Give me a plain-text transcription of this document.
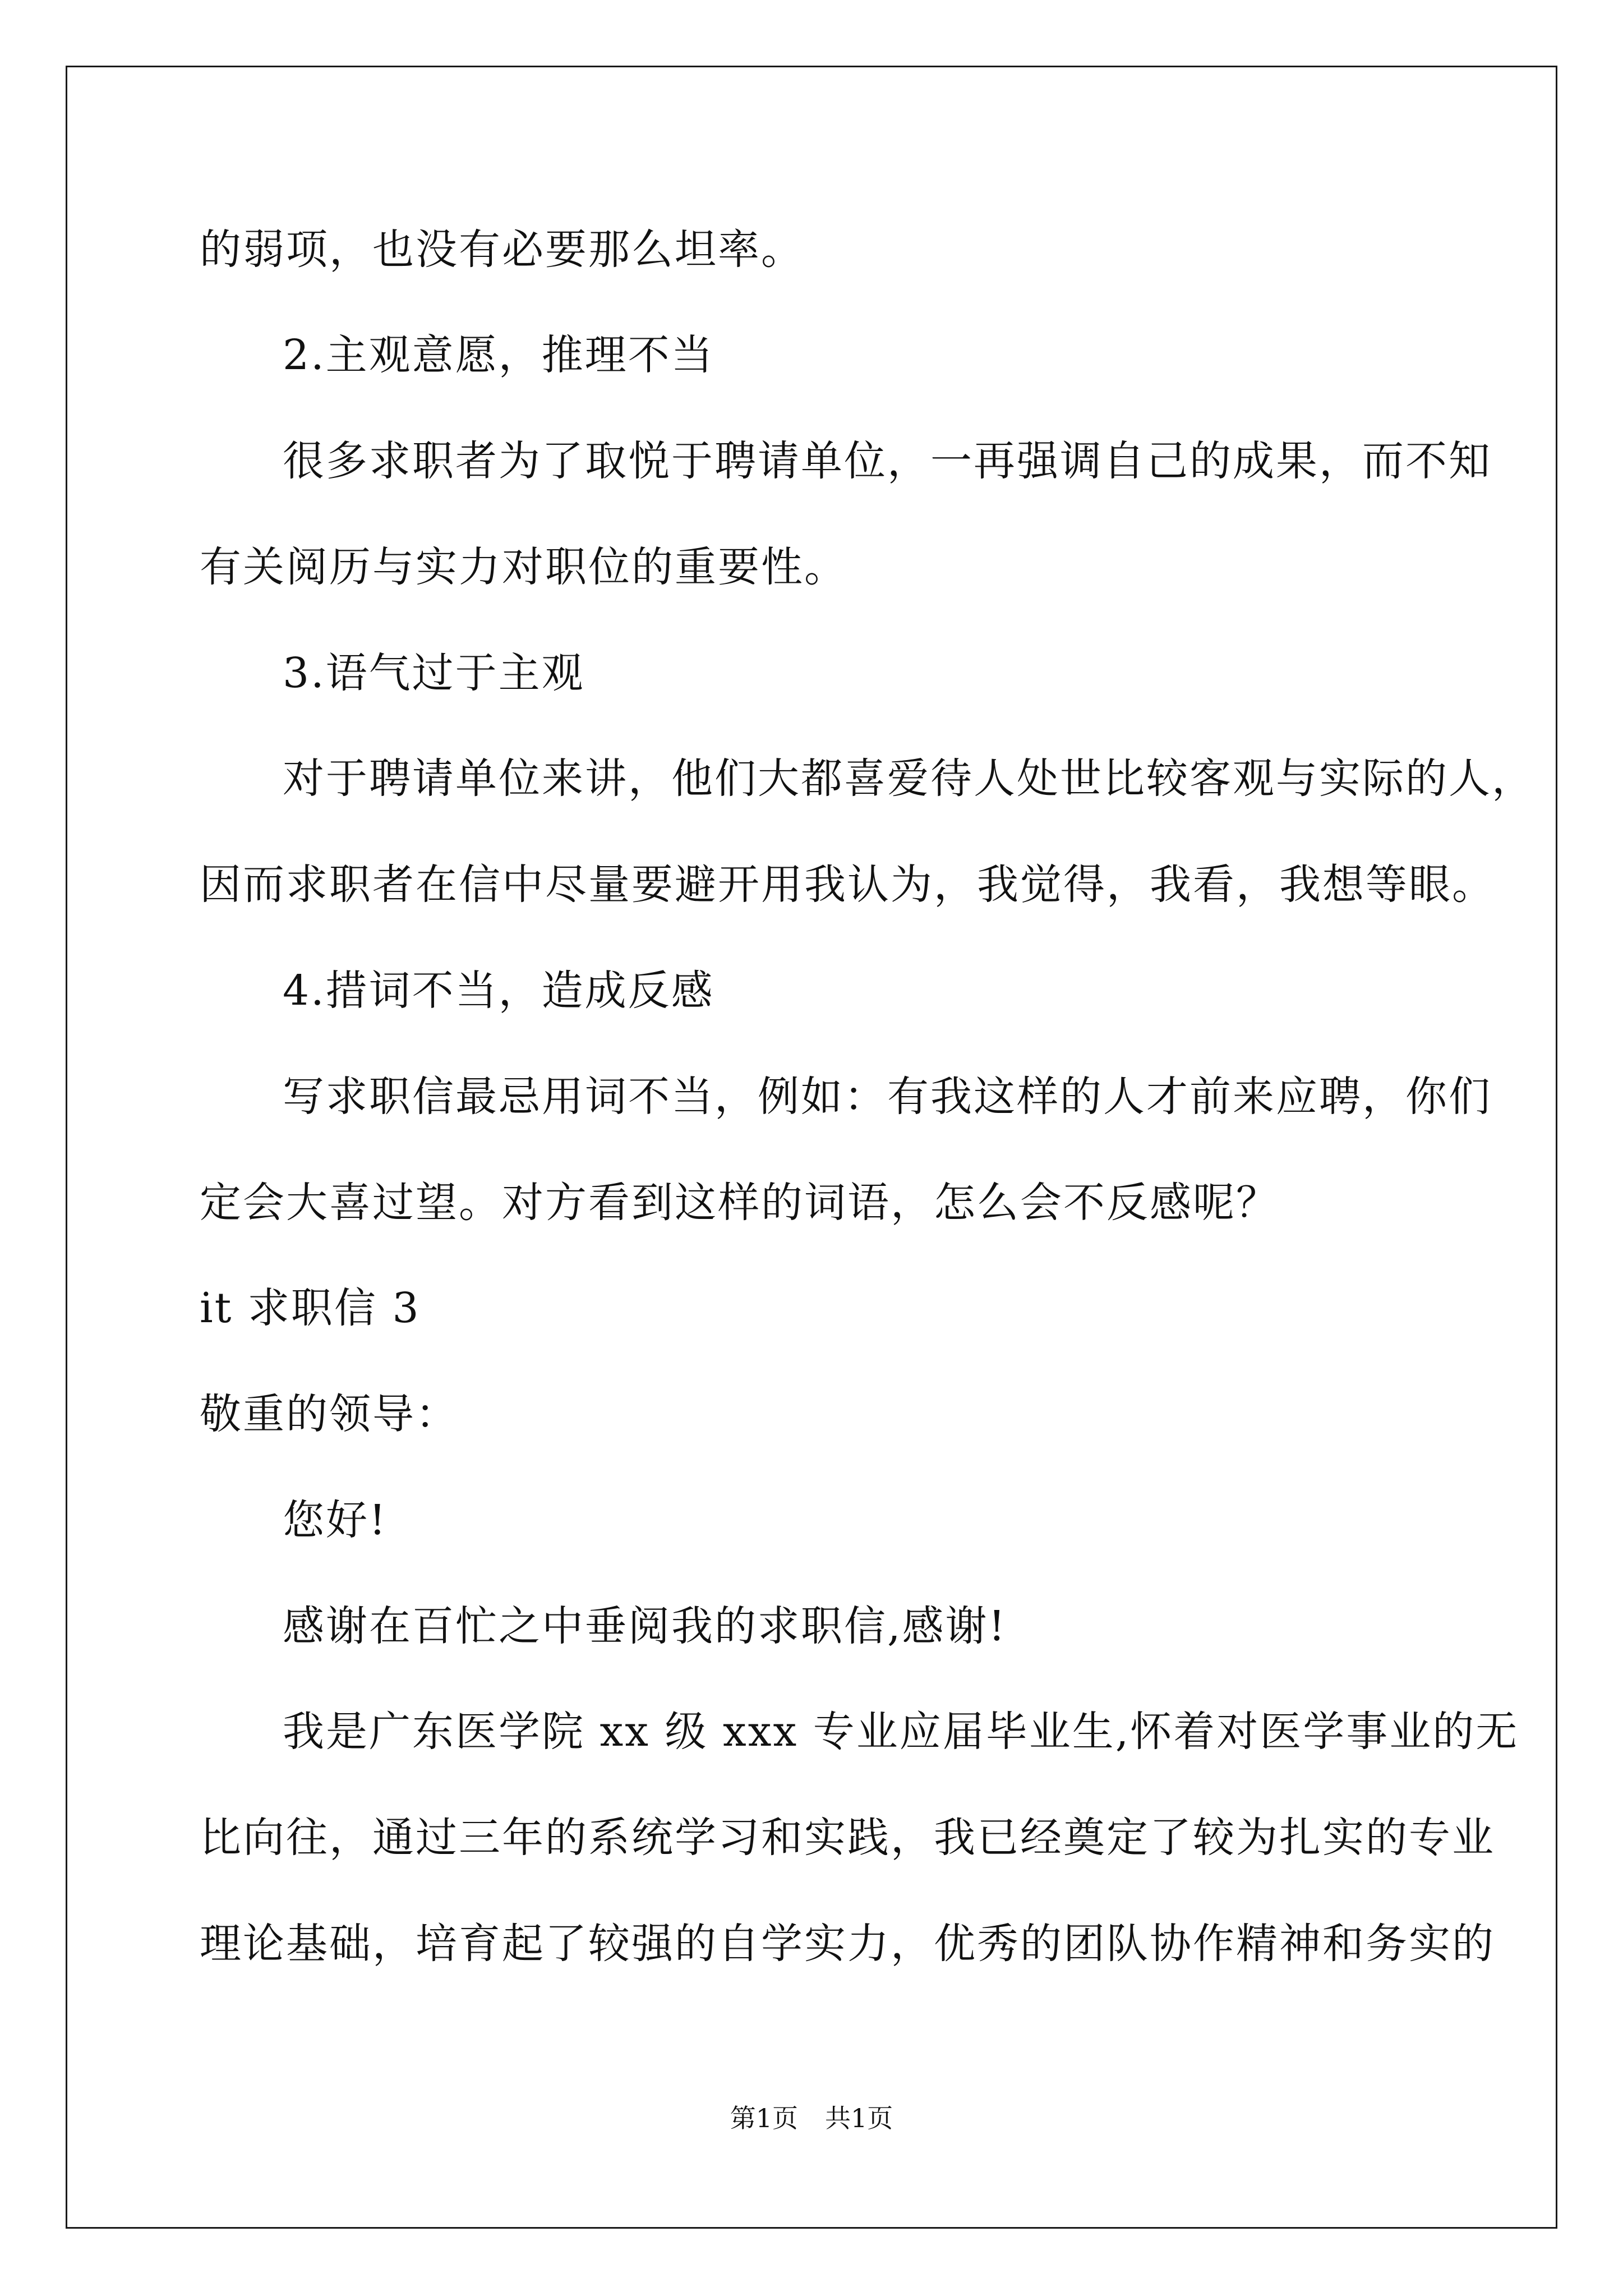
的弱项，也没有必要那么坦率。
2.主观意愿，推理不当
很多求职者为了取悦于聘请单位，一再强调自己的成果，而不知
有关阅历与实力对职位的重要性。
3.语气过于主观
对于聘请单位来讲，他们大都喜爱待人处世比较客观与实际的人，
因而求职者在信中尽量要避开用我认为，我觉得，我看，我想等眼。
4.措词不当，造成反感
写求职信最忌用词不当，例如：有我这样的人才前来应聘，你们
定会大喜过望。对方看到这样的词语，怎么会不反感呢？
it 求职信 3
敬重的领导：
您好!
感谢在百忙之中垂阅我的求职信,感谢!
我是广东医学院 xx 级 xxx 专业应届毕业生,怀着对医学事业的无
比向往，通过三年的系统学习和实践，我已经奠定了较为扎实的专业
理论基础，培育起了较强的自学实力，优秀的团队协作精神和务实的
第1页 共1页
